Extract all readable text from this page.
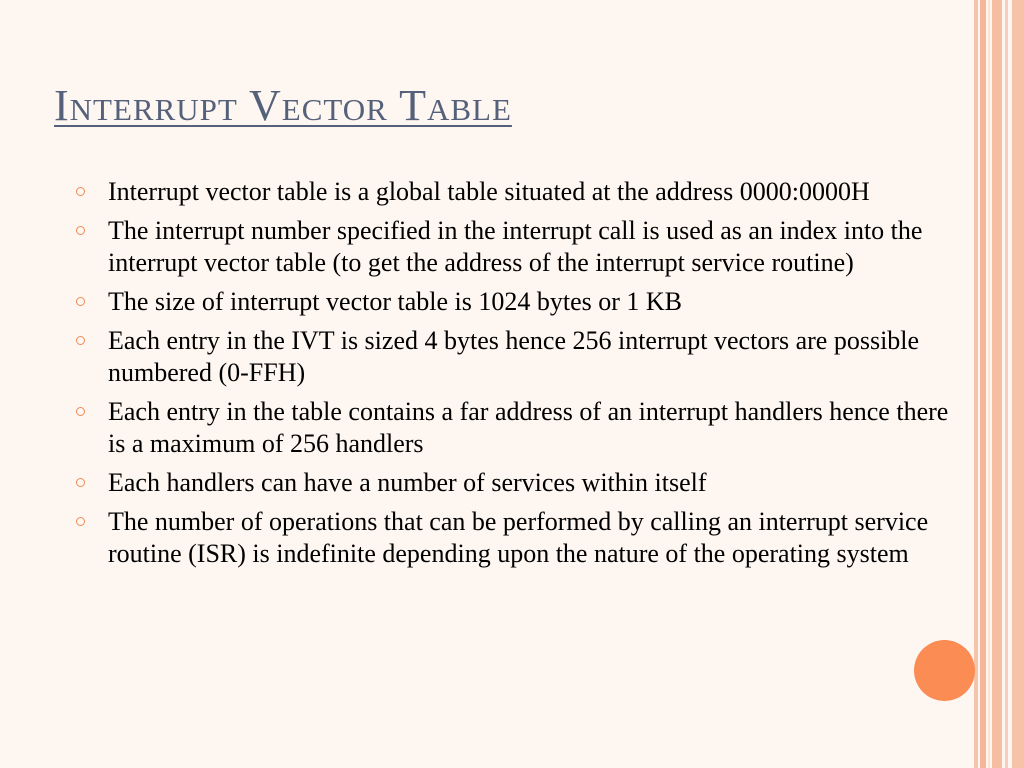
Interrupt Vector Table
Interrupt vector table is a global table situated at the address 0000:0000H
The interrupt number specified in the interrupt call is used as an index into the interrupt vector table (to get the address of the interrupt service routine)
The size of interrupt vector table is 1024 bytes or 1 KB
Each entry in the IVT is sized 4 bytes hence 256 interrupt vectors are possible numbered (0-FFH)
Each entry in the table contains a far address of an interrupt handlers hence there is a maximum of 256 handlers
Each handlers can have a number of services within itself
The number of operations that can be performed by calling an interrupt service routine (ISR) is indefinite depending upon the nature of the operating system
